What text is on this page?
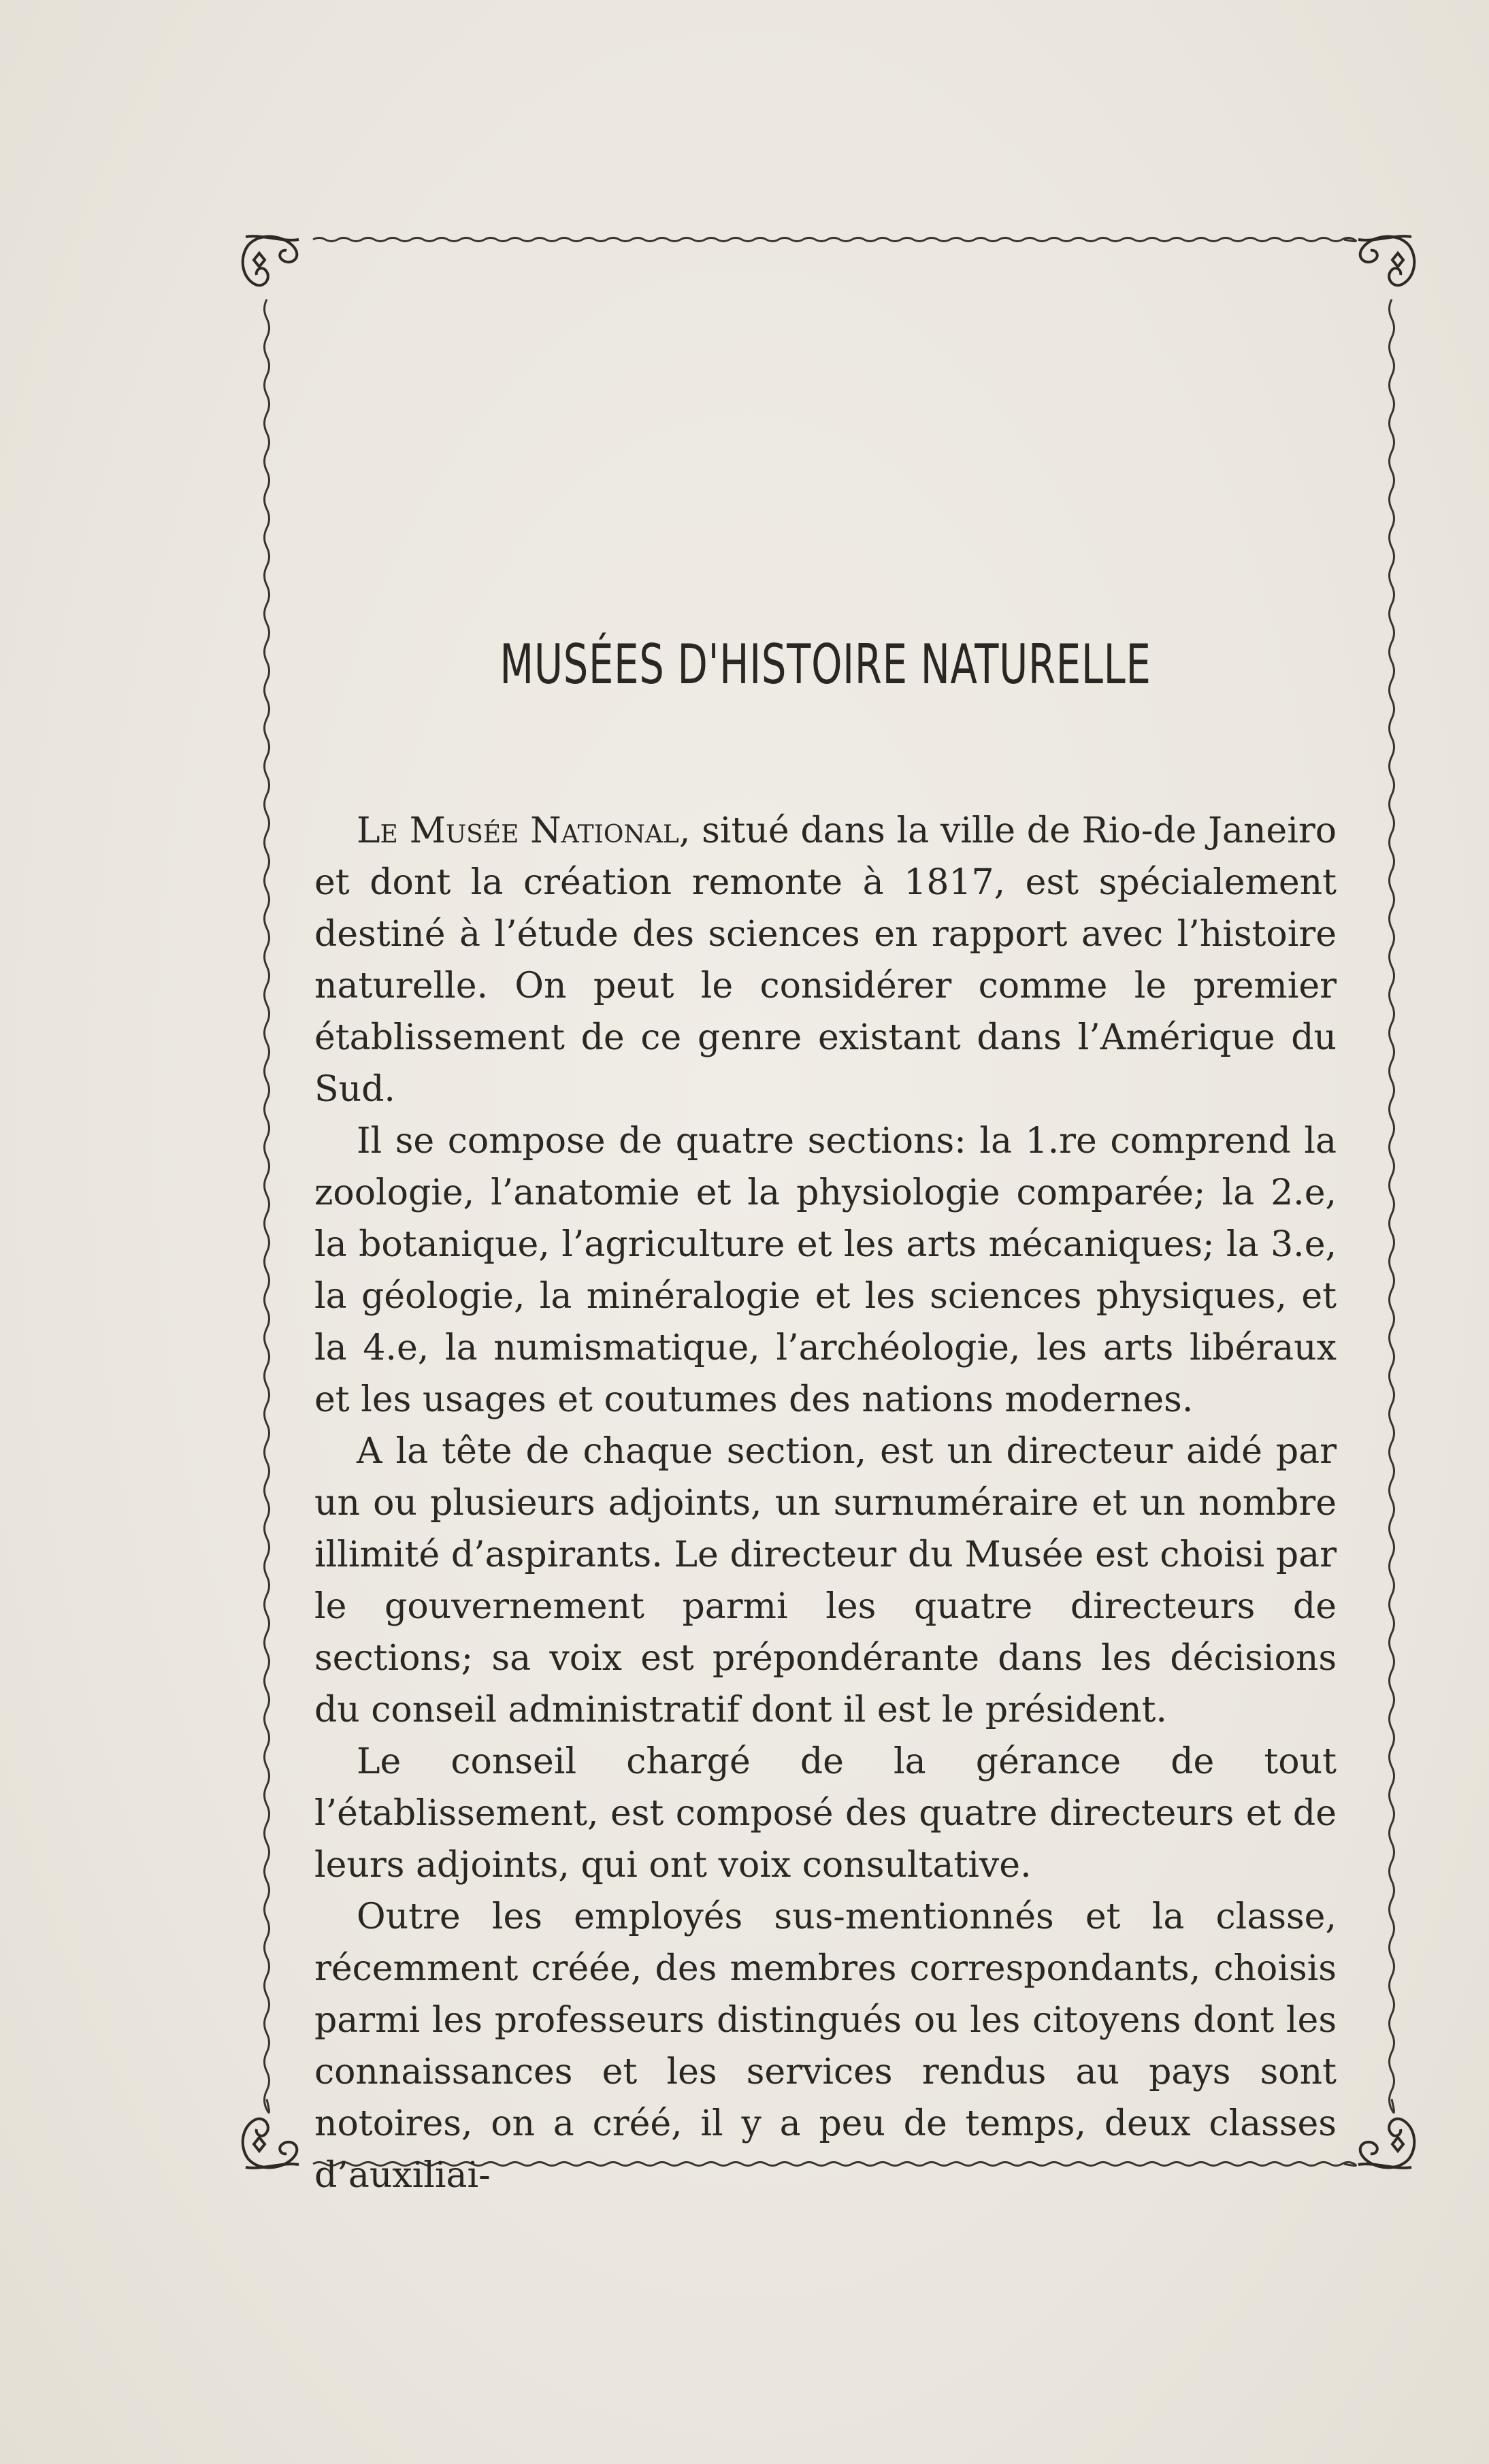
MUSÉES D'HISTOIRE NATURELLE

Le Musée National, situé dans la ville de Rio-de Janeiro et dont la création remonte à 1817, est spécialement destiné à l’étude des sciences en rapport avec l’histoire naturelle. On peut le considérer comme le premier établissement de ce genre existant dans l’Amérique du Sud.

Il se compose de quatre sections: la 1.re comprend la zoologie, l’anatomie et la physiologie comparée; la 2.e, la botanique, l’agriculture et les arts mécaniques; la 3.e, la géologie, la minéralogie et les sciences physiques, et la 4.e, la numismatique, l’archéologie, les arts libéraux et les usages et coutumes des nations modernes.

A la tête de chaque section, est un directeur aidé par un ou plusieurs adjoints, un surnuméraire et un nombre illimité d’aspirants. Le directeur du Musée est choisi par le gouvernement parmi les quatre directeurs de sections; sa voix est prépondérante dans les décisions du conseil administratif dont il est le président.

Le conseil chargé de la gérance de tout l’établissement, est composé des quatre directeurs et de leurs adjoints, qui ont voix consultative.

Outre les employés sus-mentionnés et la classe, récemment créée, des membres correspondants, choisis parmi les professeurs distingués ou les citoyens dont les connaissances et les services rendus au pays sont notoires, on a créé, il y a peu de temps, deux classes d’auxiliai-
